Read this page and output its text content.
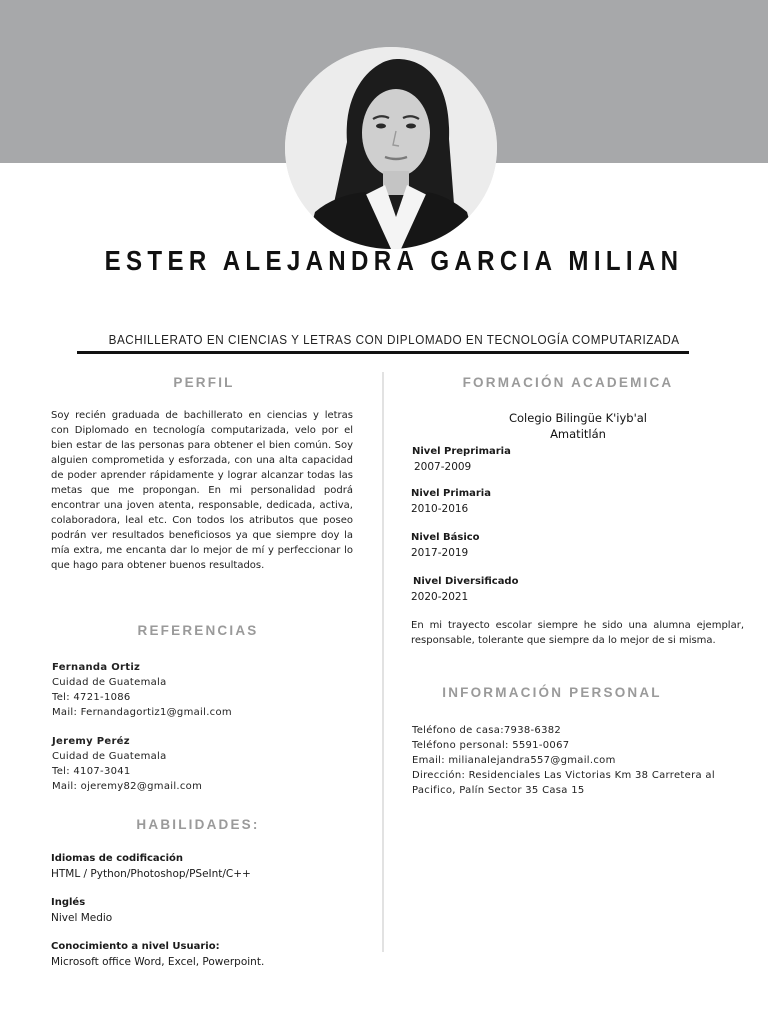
ESTER ALEJANDRA GARCIA MILIAN
BACHILLERATO EN CIENCIAS Y LETRAS CON DIPLOMADO EN TECNOLOGÍA COMPUTARIZADA
PERFIL
Soy recién graduada de bachillerato en ciencias y letras con Diplomado en tecnología computarizada, velo por el bien estar de las personas para obtener el bien común. Soy alguien comprometida y esforzada, con una alta capacidad de poder aprender rápidamente y lograr alcanzar todas las metas que me propongan. En mi personalidad podrá encontrar una joven atenta, responsable, dedicada, activa, colaboradora, leal etc. Con todos los atributos que poseo podrán ver resultados beneficiosos ya que siempre doy la mía extra, me encanta dar lo mejor de mí y perfeccionar lo que hago para obtener buenos resultados.
REFERENCIAS
Fernanda Ortiz
Cuidad de Guatemala
Tel: 4721-1086
Mail: Fernandagortiz1@gmail.com
Jeremy Peréz
Cuidad de Guatemala
Tel: 4107-3041
Mail: ojeremy82@gmail.com
HABILIDADES:
Idiomas de codificación
HTML / Python/Photoshop/PSeInt/C++
Inglés
Nivel Medio
Conocimiento a nivel Usuario:
Microsoft office Word, Excel, Powerpoint.
FORMACIÓN ACADEMICA
Colegio Bilingüe K'iyb'al
Amatitlán
Nivel Preprimaria
2007-2009
Nivel Primaria
2010-2016
Nivel Básico
2017-2019
Nivel Diversificado
2020-2021
En mi trayecto escolar siempre he sido una alumna ejemplar, responsable, tolerante que siempre da lo mejor de si misma.
INFORMACIÓN PERSONAL
Teléfono de casa:7938-6382
Teléfono personal: 5591-0067
Email: milianalejandra557@gmail.com
Dirección: Residenciales Las Victorias Km 38 Carretera al Pacifico, Palín Sector 35 Casa 15
